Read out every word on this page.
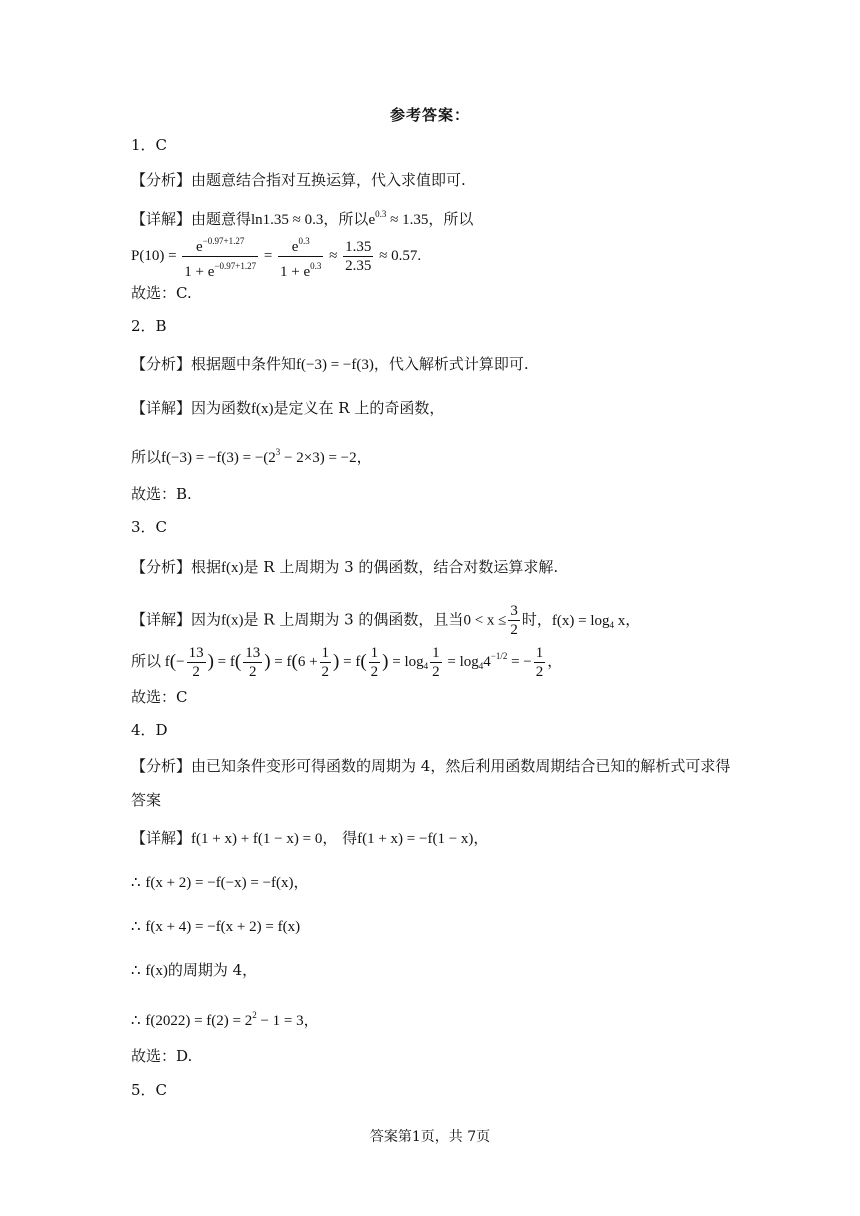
参考答案：
1．C
【分析】由题意结合指对互换运算，代入求值即可.
【详解】由题意得ln1.35 ≈ 0.3，所以$e^{0.3} \approx 1.35$，所以
$P(10) = \frac{e^{-0.97+1.27}}{1 + e^{-0.97+1.27}} = \frac{e^{0.3}}{1 + e^{0.3}} \approx \frac{1.35}{2.35} \approx 0.57$.
故选：C.
2．B
【分析】根据题中条件知f(−3) = −f(3)，代入解析式计算即可.
【详解】因为函数f(x)是定义在 R 上的奇函数，
所以$f(-3) = -f(3) = -(2^3 - 2\times 3) = -2$，
故选：B.
3．C
【分析】根据f(x)是 R 上周期为 3 的偶函数，结合对数运算求解.
【详解】因为f(x)是 R 上周期为 3 的偶函数，且当$0 < x \le \frac{3}{2}$ 时，$f(x) = \log_4 x$，
所以 $f(- \frac{13}{2}$ ) = $f( \frac{13}{2}$ ) = $f(6 + \frac{1}{2}$ ) = $f( \frac{1}{2}$ ) = $\log_4 \frac{1}{2} = \log_44^{-1/2}$ = − $\frac{1}{2}$ ，
故选：C
4．D
【分析】由已知条件变形可得函数的周期为 4，然后利用函数周期结合已知的解析式可求得
答案
【详解】f(1 + x) + f(1 − x) = 0， 得f(1 + x) = −f(1 − x)，
∴ f(x + 2) = −f(−x) = −f(x)，
∴ f(x + 4) = −f(x + 2) = f(x)
∴ f(x)的周期为 4，
∴ $f(2022) = f(2) = 2^2 - 1 = 3$，
故选：D.
5．C
答案第1页，共 7页
